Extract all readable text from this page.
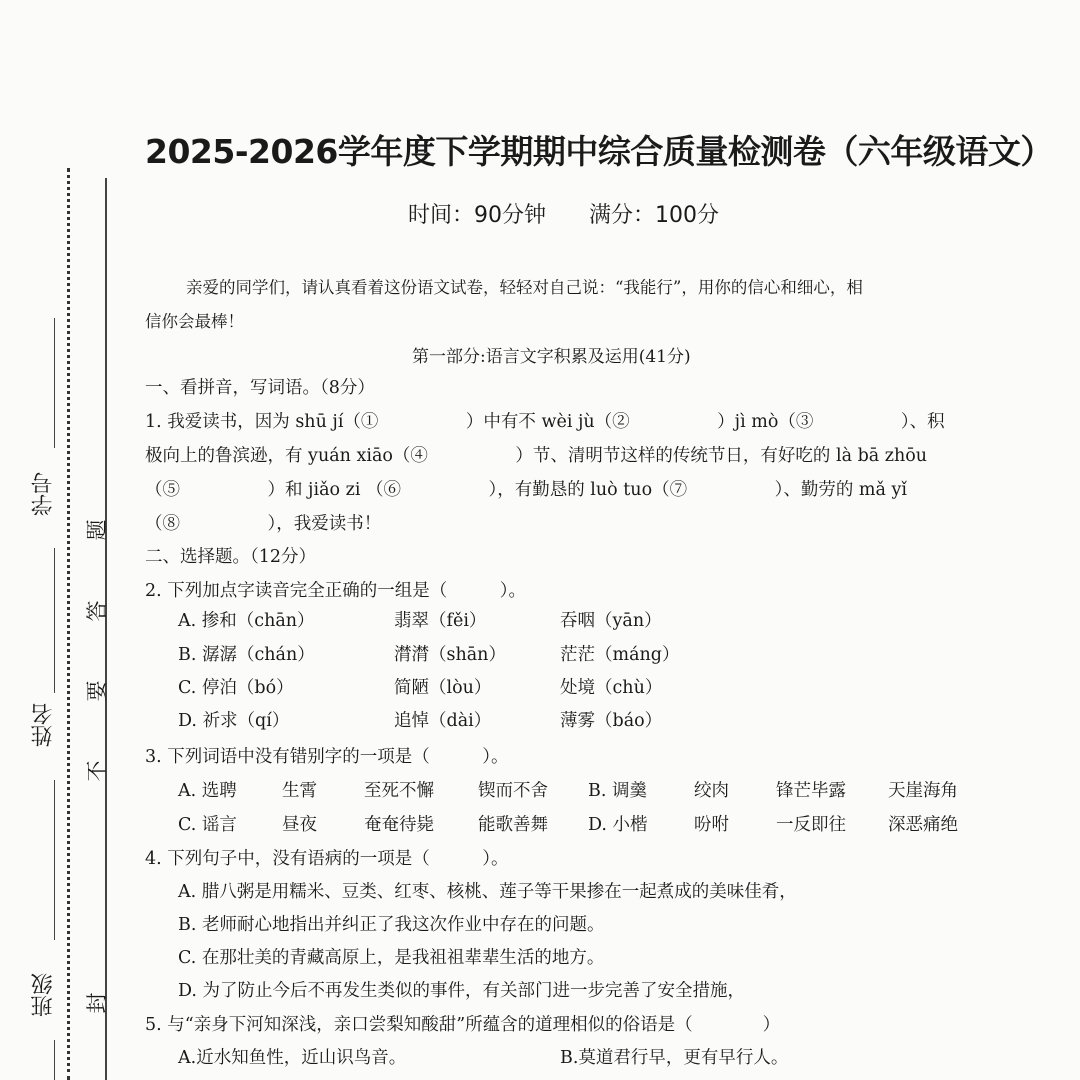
学号
姓名
班级
题
答
要
不
封
2025-2026学年度下学期期中综合质量检测卷（六年级语文）
时间：90分钟 满分：100分
亲爱的同学们，请认真看着这份语文试卷，轻轻对自己说：“我能行”，用你的信心和细心，相
信你会最棒！
第一部分:语言文字积累及运用(41分)
一、看拼音，写词语。（8分）
1. 我爱读书，因为 shū jí（①　　　　　）中有不 wèi jù（②　　　　　）jì mò（③　　　　　）、积
极向上的鲁滨逊，有 yuán xiāo（④　　　　　）节、清明节这样的传统节日，有好吃的 là bā zhōu
（⑤　　　　　）和 jiǎo zi （⑥　　　　　），有勤恳的 luò tuo（⑦　　　　　）、勤劳的 mǎ yǐ
（⑧　　　　　），我爱读书！
二、选择题。（12分）
2. 下列加点字读音完全正确的一组是（　　　）。
A. 掺和（chān）	翡翠（fěi）	吞咽（yān）
B. 潺潺（chán）	潸潸（shān）	茫茫（máng）
C. 停泊（bó）	简陋（lòu）	处境（chù）
D. 祈求（qí）	追悼（dài）	薄雾（báo）
3. 下列词语中没有错别字的一项是（　　　）。
A. 选聘	生霄	至死不懈	锲而不舍 B. 调羹	绞肉	锋芒毕露 天崖海角
C. 谣言	昼夜	奄奄待毙	能歌善舞 D. 小楷	吩咐	一反即往 深恶痛绝
4. 下列句子中，没有语病的一项是（　　　）。
A. 腊八粥是用糯米、豆类、红枣、核桃、莲子等干果掺在一起煮成的美味佳肴，
B. 老师耐心地指出并纠正了我这次作业中存在的问题。
C. 在那壮美的青藏高原上，是我祖祖辈辈生活的地方。
D. 为了防止今后不再发生类似的事件，有关部门进一步完善了安全措施，
5. 与“亲身下河知深浅，亲口尝梨知酸甜”所蕴含的道理相似的俗语是（　　　　）
A.近水知鱼性，近山识鸟音。	B.莫道君行早，更有早行人。
